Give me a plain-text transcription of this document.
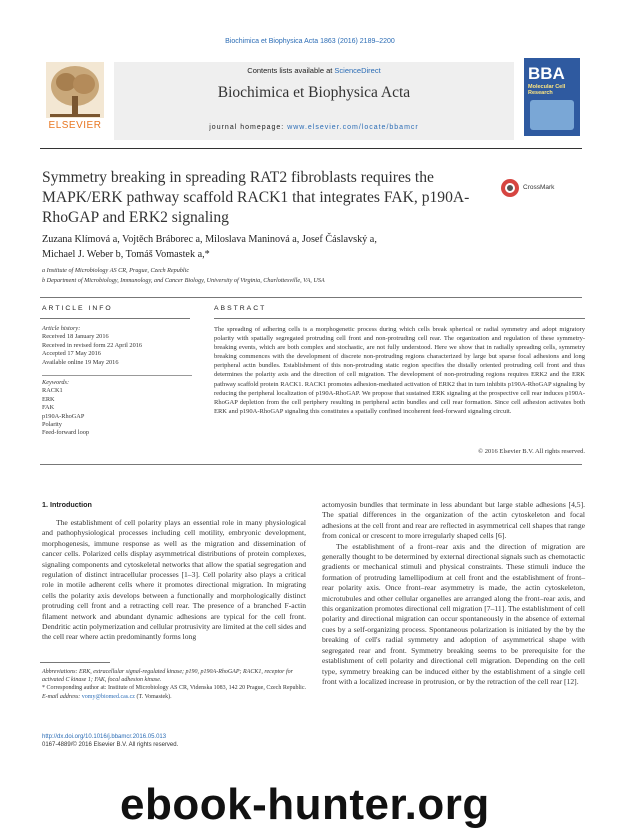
Biochimica et Biophysica Acta 1863 (2016) 2189–2200
ELSEVIER
Contents lists available at ScienceDirect
Biochimica et Biophysica Acta
journal homepage: www.elsevier.com/locate/bbamcr
BBA
Molecular Cell Research
Symmetry breaking in spreading RAT2 fibroblasts requires the MAPK/ERK pathway scaffold RACK1 that integrates FAK, p190A-RhoGAP and ERK2 signaling
CrossMark
Zuzana Klímová a, Vojtěch Bráborec a, Miloslava Maninová a, Josef Čáslavský a,
Michael J. Weber b, Tomáš Vomastek a,*
a Institute of Microbiology AS CR, Prague, Czech Republic
b Department of Microbiology, Immunology, and Cancer Biology, University of Virginia, Charlottesville, VA, USA
ARTICLE INFO
Article history:
Received 18 January 2016
Received in revised form 22 April 2016
Accepted 17 May 2016
Available online 19 May 2016
Keywords:
RACK1
ERK
FAK
p190A-RhoGAP
Polarity
Feed-forward loop
ABSTRACT
The spreading of adhering cells is a morphogenetic process during which cells break spherical or radial symmetry and adopt migratory polarity with spatially segregated protruding cell front and non-protruding cell rear. The organization and regulation of these symmetry-breaking events, which are both complex and stochastic, are not fully understood. Here we show that in radially spreading cells, symmetry breaking commences with the development of discrete non-protruding regions characterized by large but sparse focal adhesions and long peripheral actin bundles. Establishment of this non-protruding static region specifies the distally oriented protruding cell front and thus determines the polarity axis and the direction of cell migration. The development of non-protruding regions requires ERK2 and the ERK pathway scaffold protein RACK1. RACK1 promotes adhesion-mediated activation of ERK2 that in turn inhibits p190A-RhoGAP signaling by reducing the peripheral localization of p190A-RhoGAP. We propose that sustained ERK signaling at the prospective cell rear induces p190A-RhoGAP depletion from the cell periphery resulting in peripheral actin bundles and cell rear formation. Since cell adhesion activates both ERK and p190A-RhoGAP signaling this constitutes a spatially confined incoherent feed-forward signaling circuit.
© 2016 Elsevier B.V. All rights reserved.
1. Introduction

The establishment of cell polarity plays an essential role in many physiological and pathophysiological processes including cell motility, embryonic development, morphogenesis, immune response as well as the migration and dissemination of cancer cells. Polarized cells display asymmetrical distributions of protein complexes, signaling components and cytoskeletal networks that allow the spatial segregation and regulation of distinct intracellular processes [1–3]. Cell polarity also plays a critical role in motile adherent cells where it promotes directional migration. In migrating cells the polarity axis develops between a functionally and morphologically distinct protruding cell front and a retracting cell rear. The presence of a branched F-actin filament network and abundant dynamic adhesions are typical for the cell front. Dendritic actin polymerization and cellular protrusivity are limited at the cell sides and the cell rear where actin predominantly forms long

actomyosin bundles that terminate in less abundant but large stable adhesions [4,5]. The spatial differences in the organization of the actin cytoskeleton and focal adhesions at the cell front and rear are reflected in asymmetrical cell shapes that range from conical or crescent to more irregularly shaped cells [6].

The establishment of a front–rear axis and the direction of migration are generally thought to be determined by external directional signals such as chemotactic gradients or mechanical stimuli and physical constraints. These stimuli induce the formation of protruding lamellipodium at cell front and the establishment of front–rear polarity axis. Once front–rear asymmetry is made, the actin cytoskeleton, microtubules and other cellular organelles are arranged along the front–rear axis, and this organization promotes directional cell migration [7–11]. The establishment of cell polarity and directional migration can occur spontaneously in the absence of external cues by a self-organizing process. Spontaneous polarization is initiated by the by the breaking of cell's radial symmetry and adoption of asymmetrical shape with segregated rear and front. Symmetry breaking seems to be prerequisite for the establishment of cell polarity and directional cell migration. Depending on the cell type, symmetry breaking can be induced either by the establishment of a single cell front with a localized increase in protrusion, or by the retraction of the cell rear [12].

Abbreviations: ERK, extracellular signal-regulated kinase; p190, p190A-RhoGAP; RACK1, receptor for activated C kinase 1; FAK, focal adhesion kinase.

* Corresponding author at: Institute of Microbiology AS CR, Videnska 1083, 142 20 Prague, Czech Republic.

E-mail address: vomy@biomed.cas.cz (T. Vomastek).

http://dx.doi.org/10.1016/j.bbamcr.2016.05.013
0167-4889/© 2016 Elsevier B.V. All rights reserved.
ebook-hunter.org
